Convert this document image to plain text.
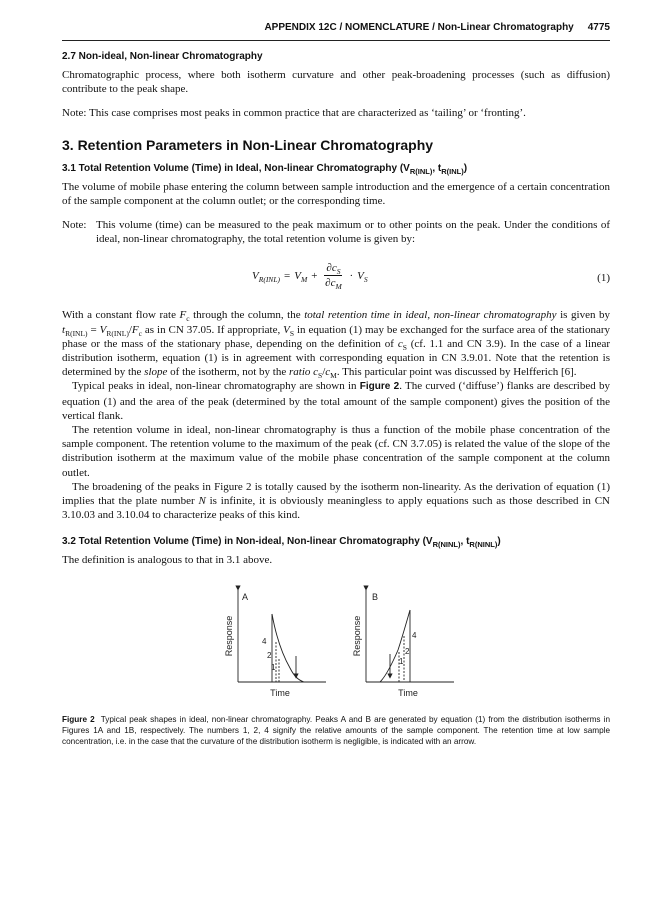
APPENDIX 12C / NOMENCLATURE / Non-Linear Chromatography 4775
2.7 Non-ideal, Non-linear Chromatography

Chromatographic process, where both isotherm curvature and other peak-broadening processes (such as diffusion) contribute to the peak shape.

Note: This case comprises most peaks in common practice that are characterized as ‘tailing’ or ‘fronting’.

3. Retention Parameters in Non-Linear Chromatography
3.1 Total Retention Volume (Time) in Ideal, Non-linear Chromatography ($V_{R(INL)}$, $t_{R(INL)}$)

The volume of mobile phase entering the column between sample introduction and the emergence of a certain concentration of the sample component at the column outlet; or the corresponding time.

Note: This volume (time) can be measured to the peak maximum or to other points on the peak. Under the conditions of ideal, non-linear chromatography, the total retention volume is given by:
$V_{R(INL)} = V_M + \frac{\partial c_S}{\partial c_M} \cdot V_S$	(1)

With a constant flow rate $F_c$ through the column, the total retention time in ideal, non-linear chromatography is given by $t_{R(INL)} = V_{R(INL)}/F_c$ as in CN 37.05. If appropriate, $V_S$ in equation (1) may be exchanged for the surface area of the stationary phase or the mass of the stationary phase, depending on the definition of $c_S$ (cf. 1.1 and CN 3.9). In the case of a linear distribution isotherm, equation (1) is in agreement with corresponding equation in CN 3.9.01. Note that the retention is determined by the slope of the isotherm, not by the ratio $c_S/c_M$. This particular point was discussed by Helfferich [6].

Typical peaks in ideal, non-linear chromatography are shown in Figure 2. The curved (‘diffuse’) flanks are described by equation (1) and the area of the peak (determined by the total amount of the sample component) gives the position of the vertical flank.

The retention volume in ideal, non-linear chromatography is thus a function of the mobile phase concentration of the sample component. The retention volume to the maximum of the peak (cf. CN 3.7.05) is related the value of the slope of the distribution isotherm at the maximum value of the mobile phase concentration of the sample component at the column outlet.

The broadening of the peaks in Figure 2 is totally caused by the isotherm non-linearity. As the derivation of equation (1) implies that the plate number N is infinite, it is obviously meaningless to apply equations such as those described in CN 3.10.03 and 3.10.04 to characterize peaks of this kind.

3.2 Total Retention Volume (Time) in Non-ideal, Non-linear Chromatography ($V_{R(NINL)}$, $t_{R(NINL)}$)

The definition is analogous to that in 3.1 above.

A
Response
Time
4
2
1
B
Response
Time
4
2
1
Figure 2 Typical peak shapes in ideal, non-linear chromatography. Peaks A and B are generated by equation (1) from the distribution isotherms in Figures 1A and 1B, respectively. The numbers 1, 2, 4 signify the relative amounts of the sample component. The retention time at low sample concentration, i.e. in the case that the curvature of the distribution isotherm is negligible, is indicated with an arrow.
